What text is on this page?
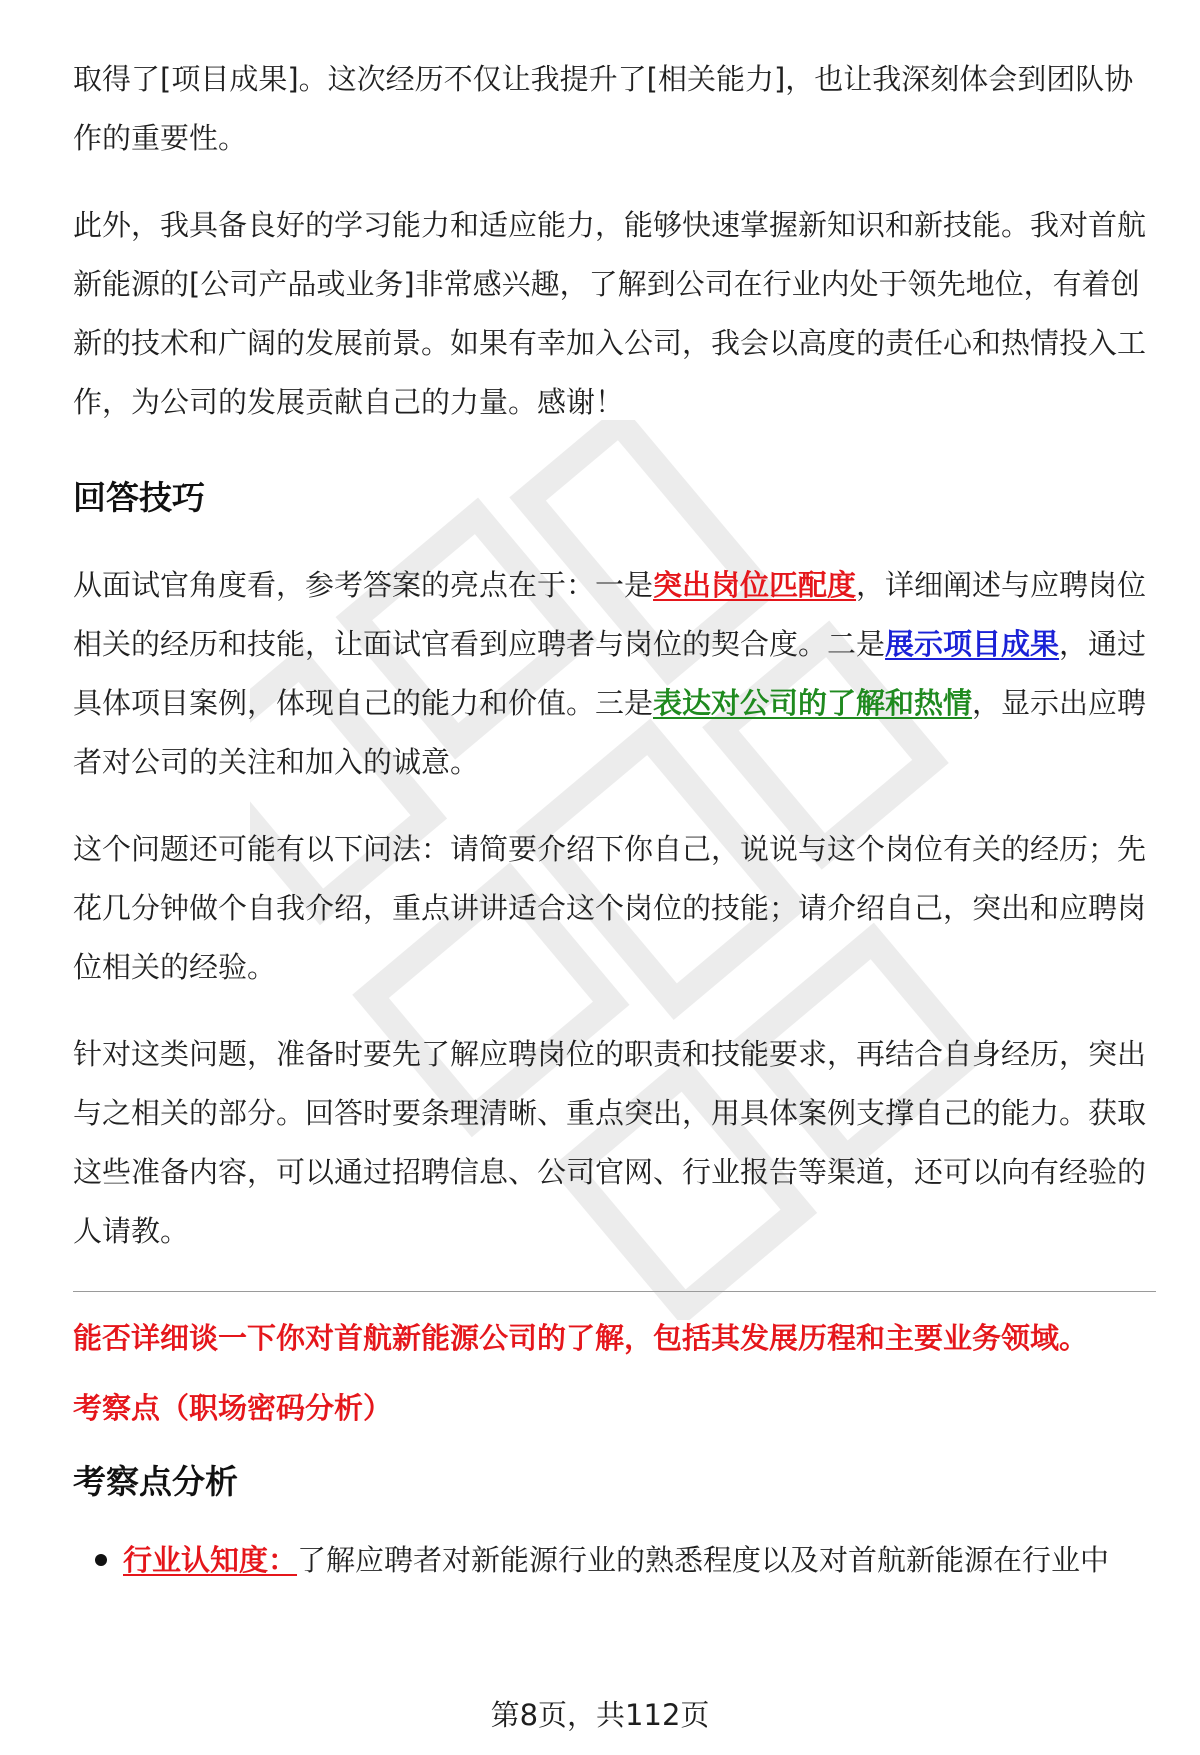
取得了[项目成果]。这次经历不仅让我提升了[相关能力]，也让我深刻体会到团队协作的重要性。

此外，我具备良好的学习能力和适应能力，能够快速掌握新知识和新技能。我对首航新能源的[公司产品或业务]非常感兴趣，了解到公司在行业内处于领先地位，有着创新的技术和广阔的发展前景。如果有幸加入公司，我会以高度的责任心和热情投入工作，为公司的发展贡献自己的力量。感谢！

回答技巧

从面试官角度看，参考答案的亮点在于：一是突出岗位匹配度，详细阐述与应聘岗位相关的经历和技能，让面试官看到应聘者与岗位的契合度。二是展示项目成果，通过具体项目案例，体现自己的能力和价值。三是表达对公司的了解和热情，显示出应聘者对公司的关注和加入的诚意。

这个问题还可能有以下问法：请简要介绍下你自己，说说与这个岗位有关的经历；先花几分钟做个自我介绍，重点讲讲适合这个岗位的技能；请介绍自己，突出和应聘岗位相关的经验。

针对这类问题，准备时要先了解应聘岗位的职责和技能要求，再结合自身经历，突出与之相关的部分。回答时要条理清晰、重点突出，用具体案例支撑自己的能力。获取这些准备内容，可以通过招聘信息、公司官网、行业报告等渠道，还可以向有经验的人请教。

能否详细谈一下你对首航新能源公司的了解，包括其发展历程和主要业务领域。
考察点（职场密码分析）
考察点分析
行业认知度：了解应聘者对新能源行业的熟悉程度以及对首航新能源在行业中
第8页，共112页
